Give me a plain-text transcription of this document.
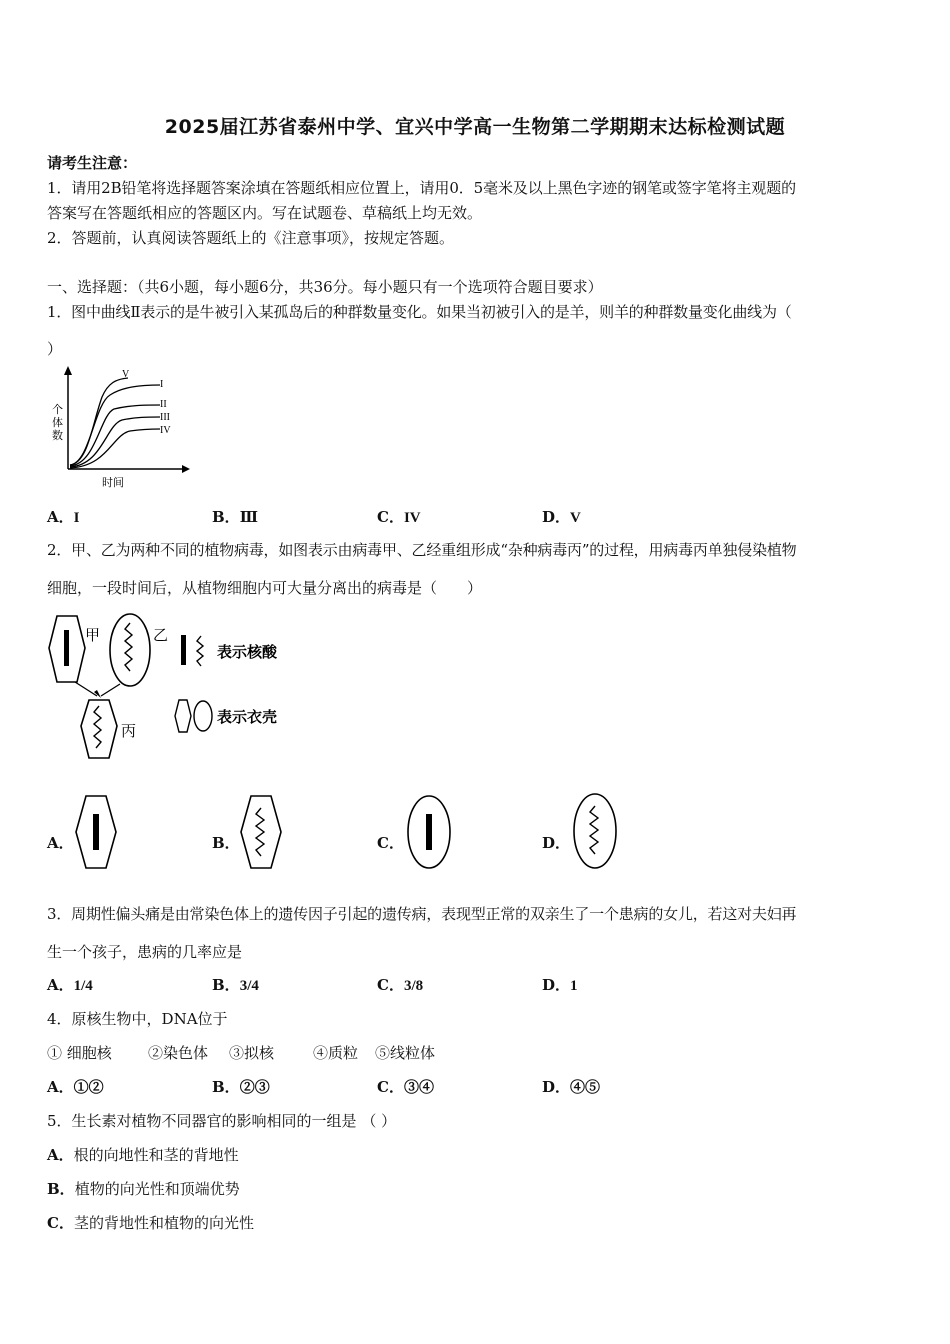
2025届江苏省泰州中学、宜兴中学高一生物第二学期期末达标检测试题
请考生注意：
1．请用2B铅笔将选择题答案涂填在答题纸相应位置上，请用0．5毫米及以上黑色字迹的钢笔或签字笔将主观题的
答案写在答题纸相应的答题区内。写在试题卷、草稿纸上均无效。
2．答题前，认真阅读答题纸上的《注意事项》，按规定答题。
一、选择题：（共6小题，每小题6分，共36分。每小题只有一个选项符合题目要求）
1．图中曲线Ⅱ表示的是牛被引入某孤岛后的种群数量变化。如果当初被引入的是羊，则羊的种群数量变化曲线为（
）
V
I
II
III
IV
个
体
数
时间
A．I	B．Ⅲ	C．IV	D．V
2．甲、乙为两种不同的植物病毒，如图表示由病毒甲、乙经重组形成“杂种病毒丙”的过程，用病毒丙单独侵染植物
细胞，一段时间后，从植物细胞内可大量分离出的病毒是（　　）
甲	乙
丙
表示核酸
表示衣壳
A．	B．	C．	D．
3．周期性偏头痛是由常染色体上的遗传因子引起的遗传病，表现型正常的双亲生了一个患病的女儿，若这对夫妇再
生一个孩子，患病的几率应是
A．1/4	B．3/4	C．3/8	D．1
4．原核生物中，DNA位于
① 细胞核 ②染色体 ③拟核	④质粒 ⑤线粒体
A．①②	B．②③	C．③④	D．④⑤
5．生长素对植物不同器官的影响相同的一组是 （ ）
A．根的向地性和茎的背地性
B．植物的向光性和顶端优势
C．茎的背地性和植物的向光性
